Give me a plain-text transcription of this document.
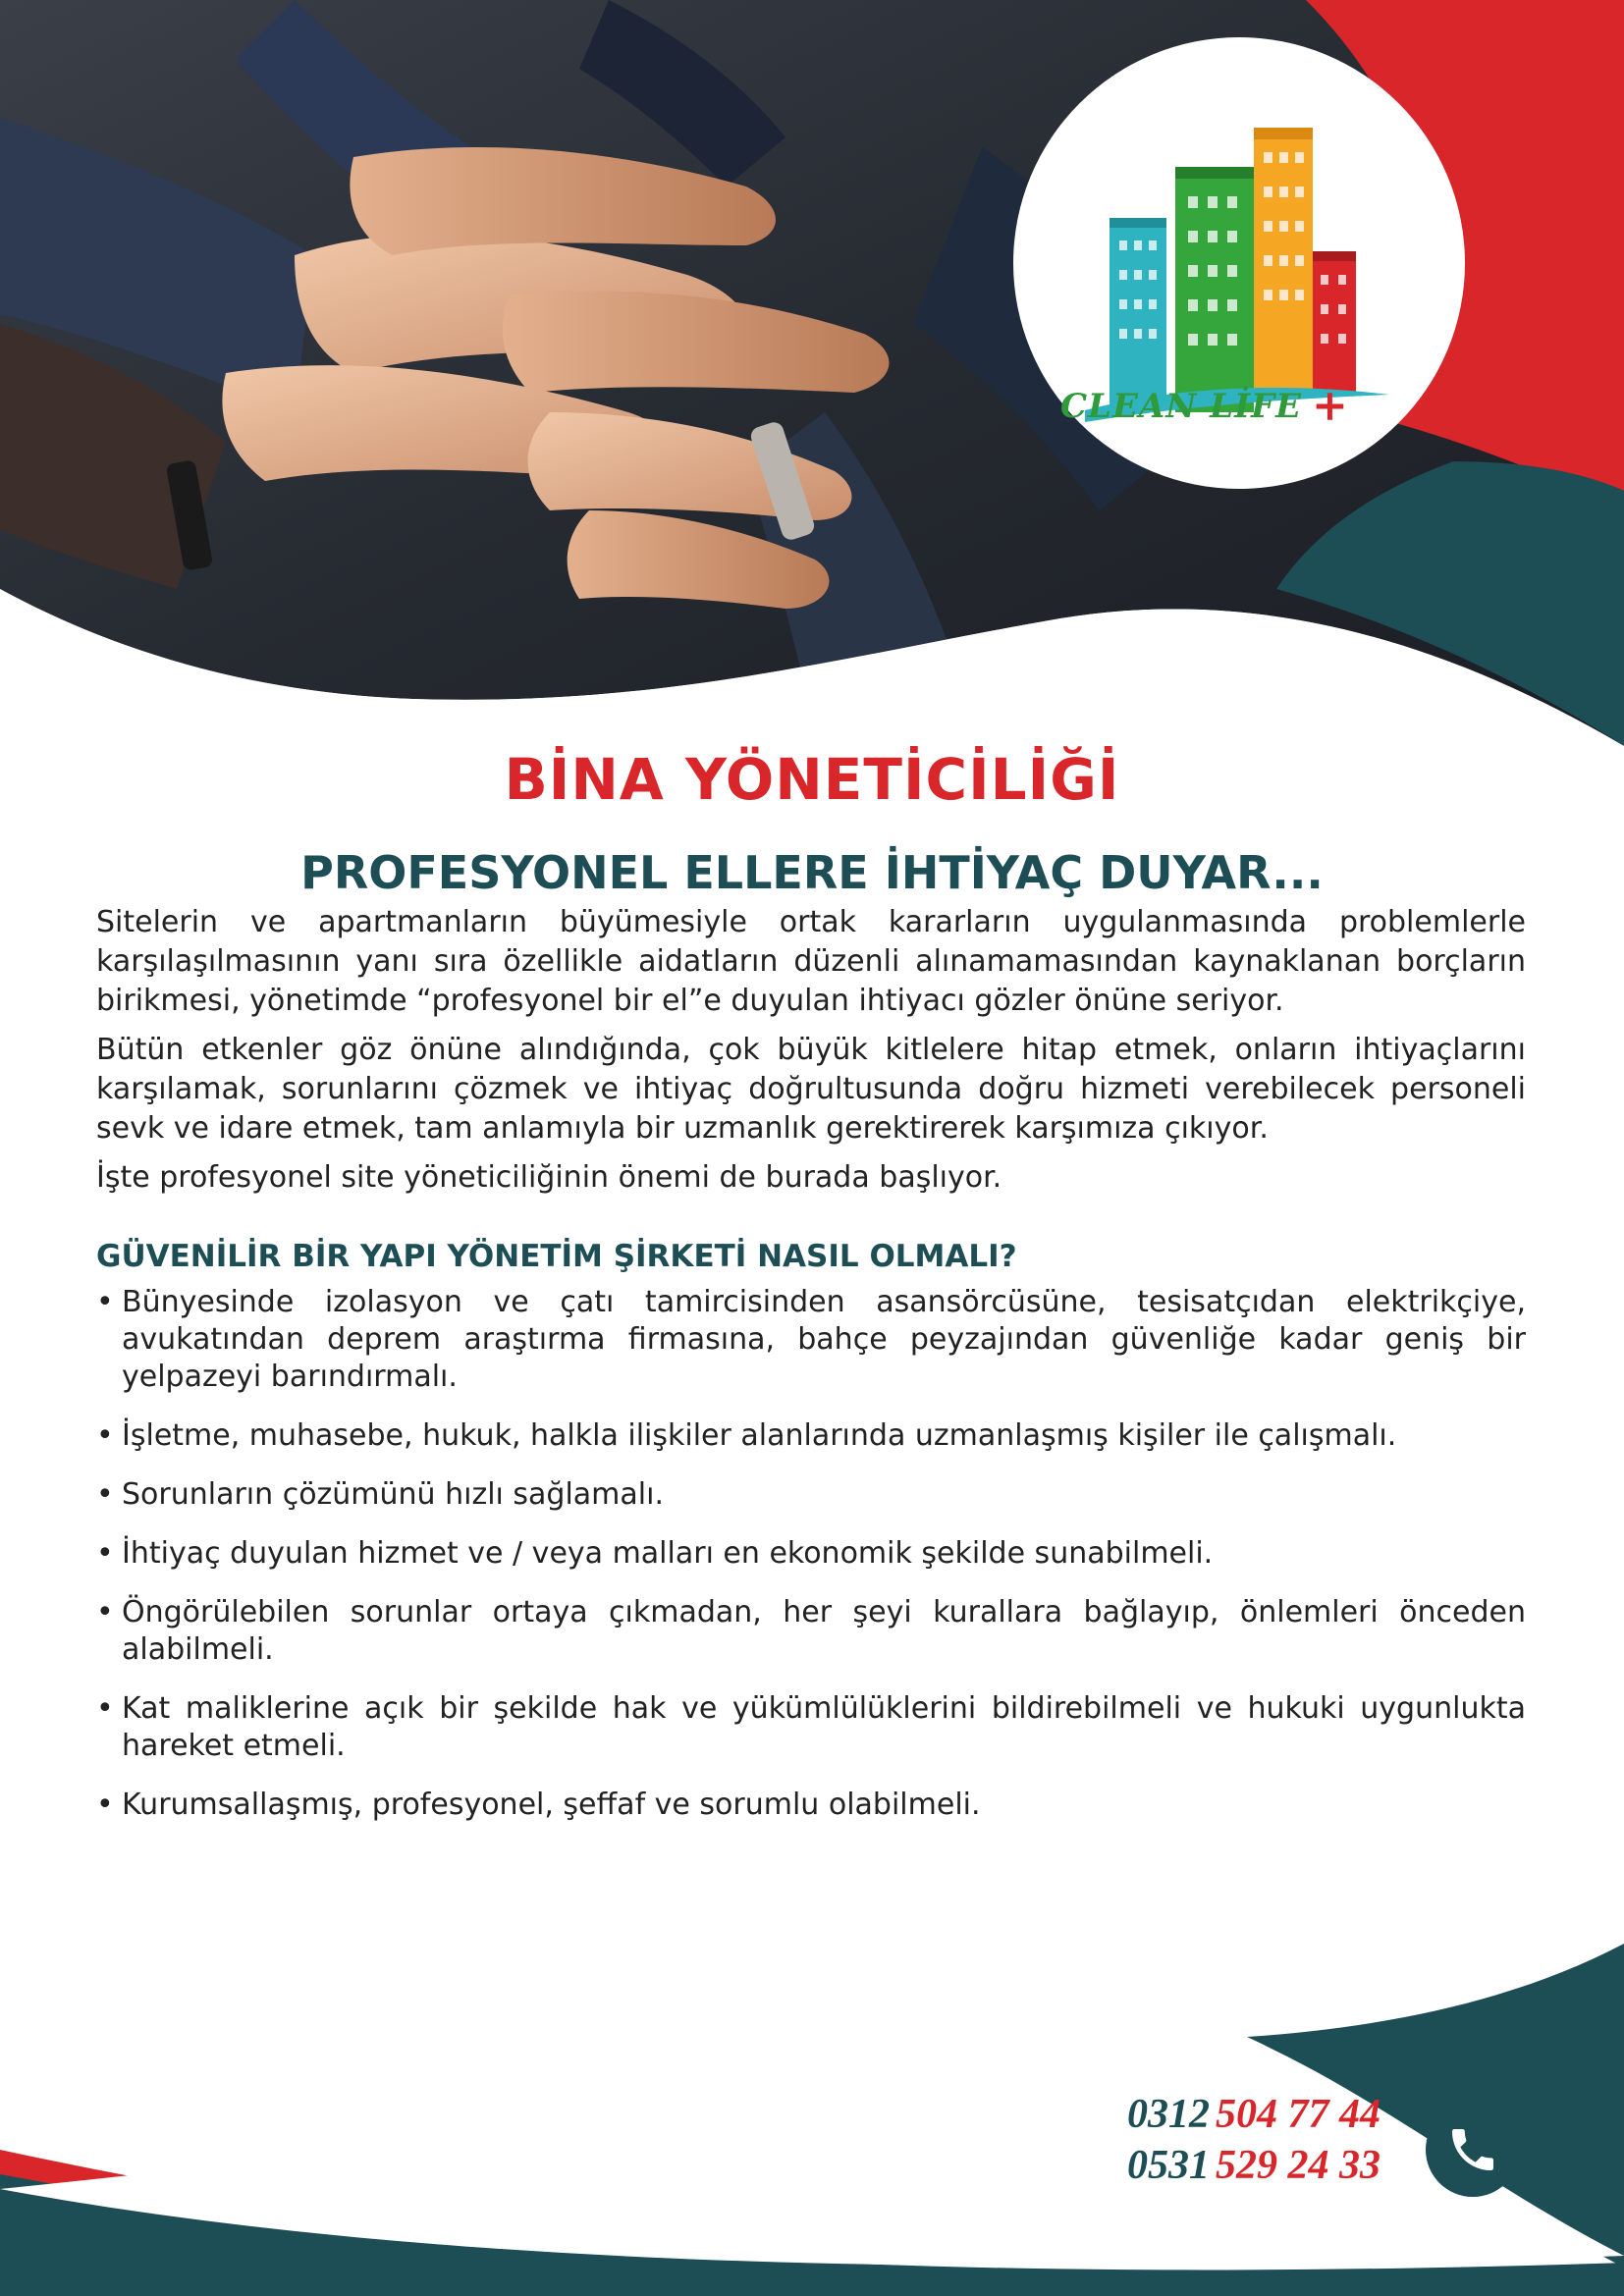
CLEAN LİFE +
BİNA YÖNETİCİLİĞİ
PROFESYONEL ELLERE İHTİYAÇ DUYAR...

Sitelerin ve apartmanların büyümesiyle ortak kararların uygulanmasında problemlerle karşılaşılmasının yanı sıra özellikle aidatların düzenli alınamamasından kaynaklanan borçların birikmesi, yönetimde “profesyonel bir el”e duyulan ihtiyacı gözler önüne seriyor.

Bütün etkenler göz önüne alındığında, çok büyük kitlelere hitap etmek, onların ihtiyaçlarını karşılamak, sorunlarını çözmek ve ihtiyaç doğrultusunda doğru hizmeti verebilecek personeli sevk ve idare etmek, tam anlamıyla bir uzmanlık gerektirerek karşımıza çıkıyor.

İşte profesyonel site yöneticiliğinin önemi de burada başlıyor.

GÜVENİLİR BİR YAPI YÖNETİM ŞİRKETİ NASIL OLMALI?
• Bünyesinde izolasyon ve çatı tamircisinden asansörcüsüne, tesisatçıdan elektrikçiye, avukatından deprem araştırma firmasına, bahçe peyzajından güvenliğe kadar geniş bir yelpazeyi barındırmalı.
• İşletme, muhasebe, hukuk, halkla ilişkiler alanlarında uzmanlaşmış kişiler ile çalışmalı.
• Sorunların çözümünü hızlı sağlamalı.
• İhtiyaç duyulan hizmet ve / veya malları en ekonomik şekilde sunabilmeli.
• Öngörülebilen sorunlar ortaya çıkmadan, her şeyi kurallara bağlayıp, önlemleri önceden alabilmeli.
• Kat maliklerine açık bir şekilde hak ve yükümlülüklerini bildirebilmeli ve hukuki uygunlukta hareket etmeli.
• Kurumsallaşmış, profesyonel, şeffaf ve sorumlu olabilmeli.
0312 504 77 44
0531 529 24 33
